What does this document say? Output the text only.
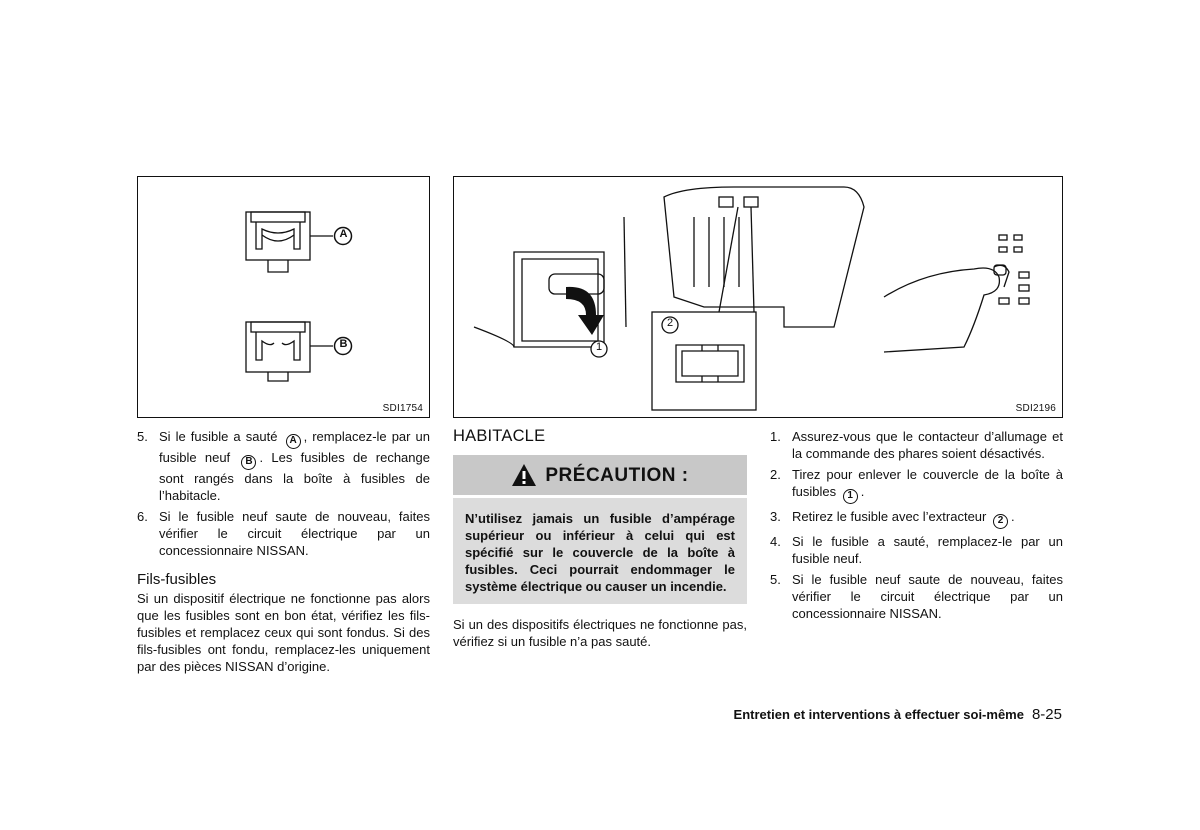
A
B
SDI1754
1
2
SDI2196
5. Si le fusible a sauté A , remplacez-le par un fusible neuf B . Les fusibles de rechange sont rangés dans la boîte à fusibles de l’habitacle.
6. Si le fusible neuf saute de nouveau, faites vérifier le circuit électrique par un concessionnaire NISSAN.
Fils-fusibles
Si un dispositif électrique ne fonctionne pas alors que les fusibles sont en bon état, vérifiez les fils-fusibles et remplacez ceux qui sont fondus. Si des fils-fusibles ont fondu, remplacez-les uniquement par des pièces NISSAN d’origine.
HABITACLE
PRÉCAUTION :
N’utilisez jamais un fusible d’ampérage supérieur ou inférieur à celui qui est spécifié sur le couvercle de la boîte à fusibles. Ceci pourrait endommager le système électrique ou causer un incendie.
Si un des dispositifs électriques ne fonctionne pas, vérifiez si un fusible n’a pas sauté.
1. Assurez-vous que le contacteur d’allumage et la commande des phares soient désactivés.
2. Tirez pour enlever le couvercle de la boîte à fusibles 1 .
3. Retirez le fusible avec l’extracteur 2 .
4. Si le fusible a sauté, remplacez-le par un fusible neuf.
5. Si le fusible neuf saute de nouveau, faites vérifier le circuit électrique par un concessionnaire NISSAN.
Entretien et interventions à effectuer soi-même 8-25
